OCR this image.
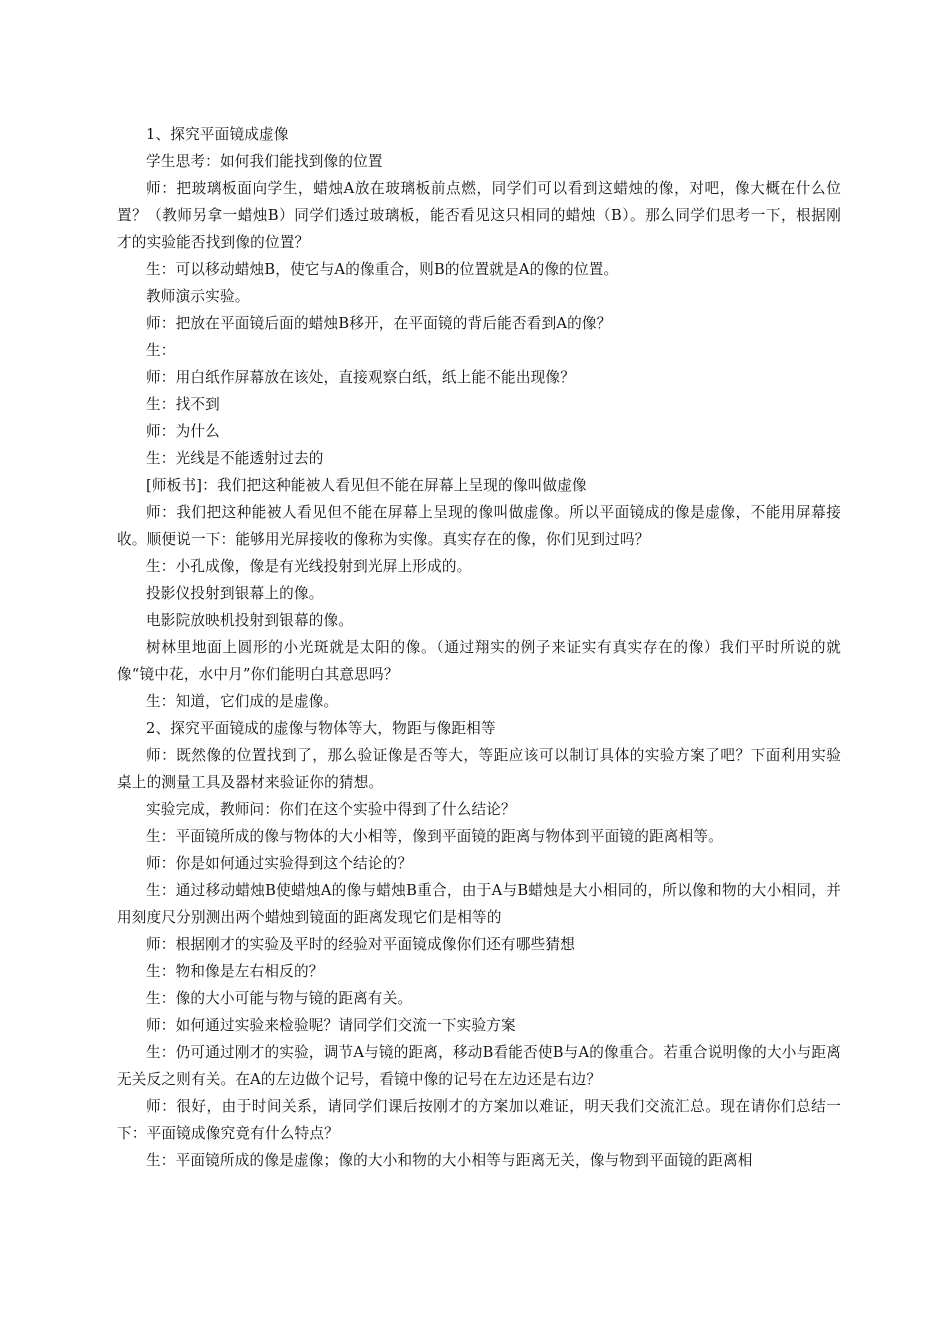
1、探究平面镜成虚像

学生思考：如何我们能找到像的位置

师：把玻璃板面向学生，蜡烛A放在玻璃板前点燃，同学们可以看到这蜡烛的像，对吧，像大概在什么位置？（教师另拿一蜡烛B）同学们透过玻璃板，能否看见这只相同的蜡烛（B）。那么同学们思考一下，根据刚才的实验能否找到像的位置？

生：可以移动蜡烛B，使它与A的像重合，则B的位置就是A的像的位置。

教师演示实验。

师：把放在平面镜后面的蜡烛B移开，在平面镜的背后能否看到A的像？

生：

师：用白纸作屏幕放在该处，直接观察白纸，纸上能不能出现像？

生：找不到

师：为什么

生：光线是不能透射过去的

[师板书]：我们把这种能被人看见但不能在屏幕上呈现的像叫做虚像

师：我们把这种能被人看见但不能在屏幕上呈现的像叫做虚像。所以平面镜成的像是虚像，不能用屏幕接收。顺便说一下：能够用光屏接收的像称为实像。真实存在的像，你们见到过吗？

生：小孔成像，像是有光线投射到光屏上形成的。

投影仪投射到银幕上的像。

电影院放映机投射到银幕的像。

树林里地面上圆形的小光斑就是太阳的像。（通过翔实的例子来证实有真实存在的像）我们平时所说的就像“镜中花，水中月”你们能明白其意思吗？

生：知道，它们成的是虚像。

2、探究平面镜成的虚像与物体等大，物距与像距相等

师：既然像的位置找到了，那么验证像是否等大，等距应该可以制订具体的实验方案了吧？下面利用实验桌上的测量工具及器材来验证你的猜想。

实验完成，教师问：你们在这个实验中得到了什么结论？

生：平面镜所成的像与物体的大小相等，像到平面镜的距离与物体到平面镜的距离相等。

师：你是如何通过实验得到这个结论的？

生：通过移动蜡烛B使蜡烛A的像与蜡烛B重合，由于A与B蜡烛是大小相同的，所以像和物的大小相同，并用刻度尺分别测出两个蜡烛到镜面的距离发现它们是相等的

师：根据刚才的实验及平时的经验对平面镜成像你们还有哪些猜想

生：物和像是左右相反的？

生：像的大小可能与物与镜的距离有关。

师：如何通过实验来检验呢？请同学们交流一下实验方案

生：仍可通过刚才的实验，调节A与镜的距离，移动B看能否使B与A的像重合。若重合说明像的大小与距离无关反之则有关。在A的左边做个记号，看镜中像的记号在左边还是右边？

师：很好，由于时间关系，请同学们课后按刚才的方案加以难证，明天我们交流汇总。现在请你们总结一下：平面镜成像究竟有什么特点？

生：平面镜所成的像是虚像；像的大小和物的大小相等与距离无关，像与物到平面镜的距离相
